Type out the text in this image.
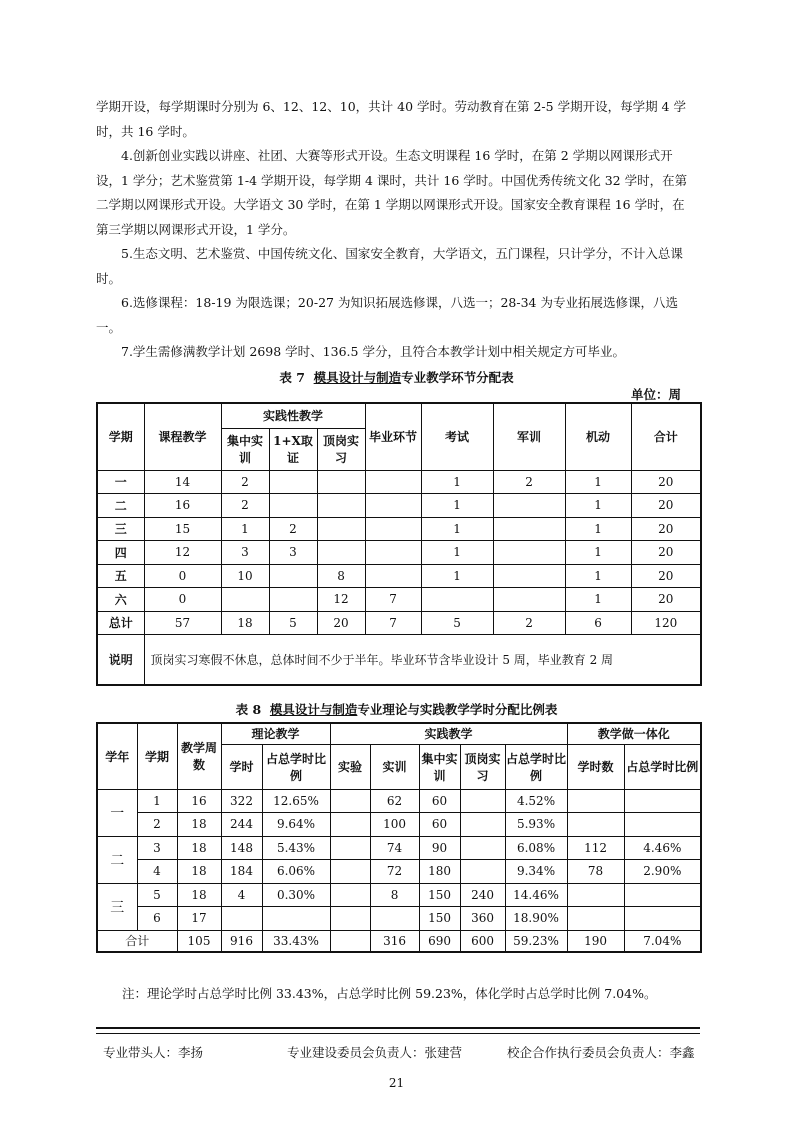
学期开设，每学期课时分别为 6、12、12、10，共计 40 学时。劳动教育在第 2-5 学期开设，每学期 4 学时，共 16 学时。

4.创新创业实践以讲座、社团、大赛等形式开设。生态文明课程 16 学时，在第 2 学期以网课形式开设，1 学分；艺术鉴赏第 1-4 学期开设，每学期 4 课时，共计 16 学时。中国优秀传统文化 32 学时，在第二学期以网课形式开设。大学语文 30 学时，在第 1 学期以网课形式开设。国家安全教育课程 16 学时，在第三学期以网课形式开设，1 学分。

5.生态文明、艺术鉴赏、中国传统文化、国家安全教育，大学语文，五门课程，只计学分，不计入总课时。

6.选修课程：18-19 为限选课；20-27 为知识拓展选修课，八选一；28-34 为专业拓展选修课，八选一。

7.学生需修满教学计划 2698 学时、136.5 学分，且符合本教学计划中相关规定方可毕业。

表 7 模具设计与制造专业教学环节分配表
单位：周
学期	课程教学	实践性教学			毕业环节	考试	军训	机动	合计
		集中实训	1+X取证	顶岗实习					
一	14	2				1	2	1	20
二	16	2				1		1	20
三	15	1	2			1		1	20
四	12	3	3			1		1	20
五	0	10		8		1		1	20
六	0			12	7			1	20
总计	57	18	5	20	7	5	2	6	120
说明	顶岗实习寒假不休息，总体时间不少于半年。毕业环节含毕业设计 5 周，毕业教育 2 周								
表 8 模具设计与制造专业理论与实践教学学时分配比例表
学年	学期	教学周数	理论教学		实践教学					教学做一体化	
			学时	占总学时比例	实验	实训	集中实训	顶岗实习	占总学时比例	学时数	占总学时比例
一	1	16	322	12.65%		62	60		4.52%		
	2	18	244	9.64%		100	60		5.93%		
二	3	18	148	5.43%		74	90		6.08%	112	4.46%
	4	18	184	6.06%		72	180		9.34%	78	2.90%
三	5	18	4	0.30%		8	150	240	14.46%		
	6	17					150	360	18.90%		
合计		105	916	33.43%		316	690	600	59.23%	190	7.04%
注：理论学时占总学时比例 33.43%，占总学时比例 59.23%，体化学时占总学时比例 7.04%。
专业带头人：李扬	专业建设委员会负责人：张建营	校企合作执行委员会负责人：李鑫
21
